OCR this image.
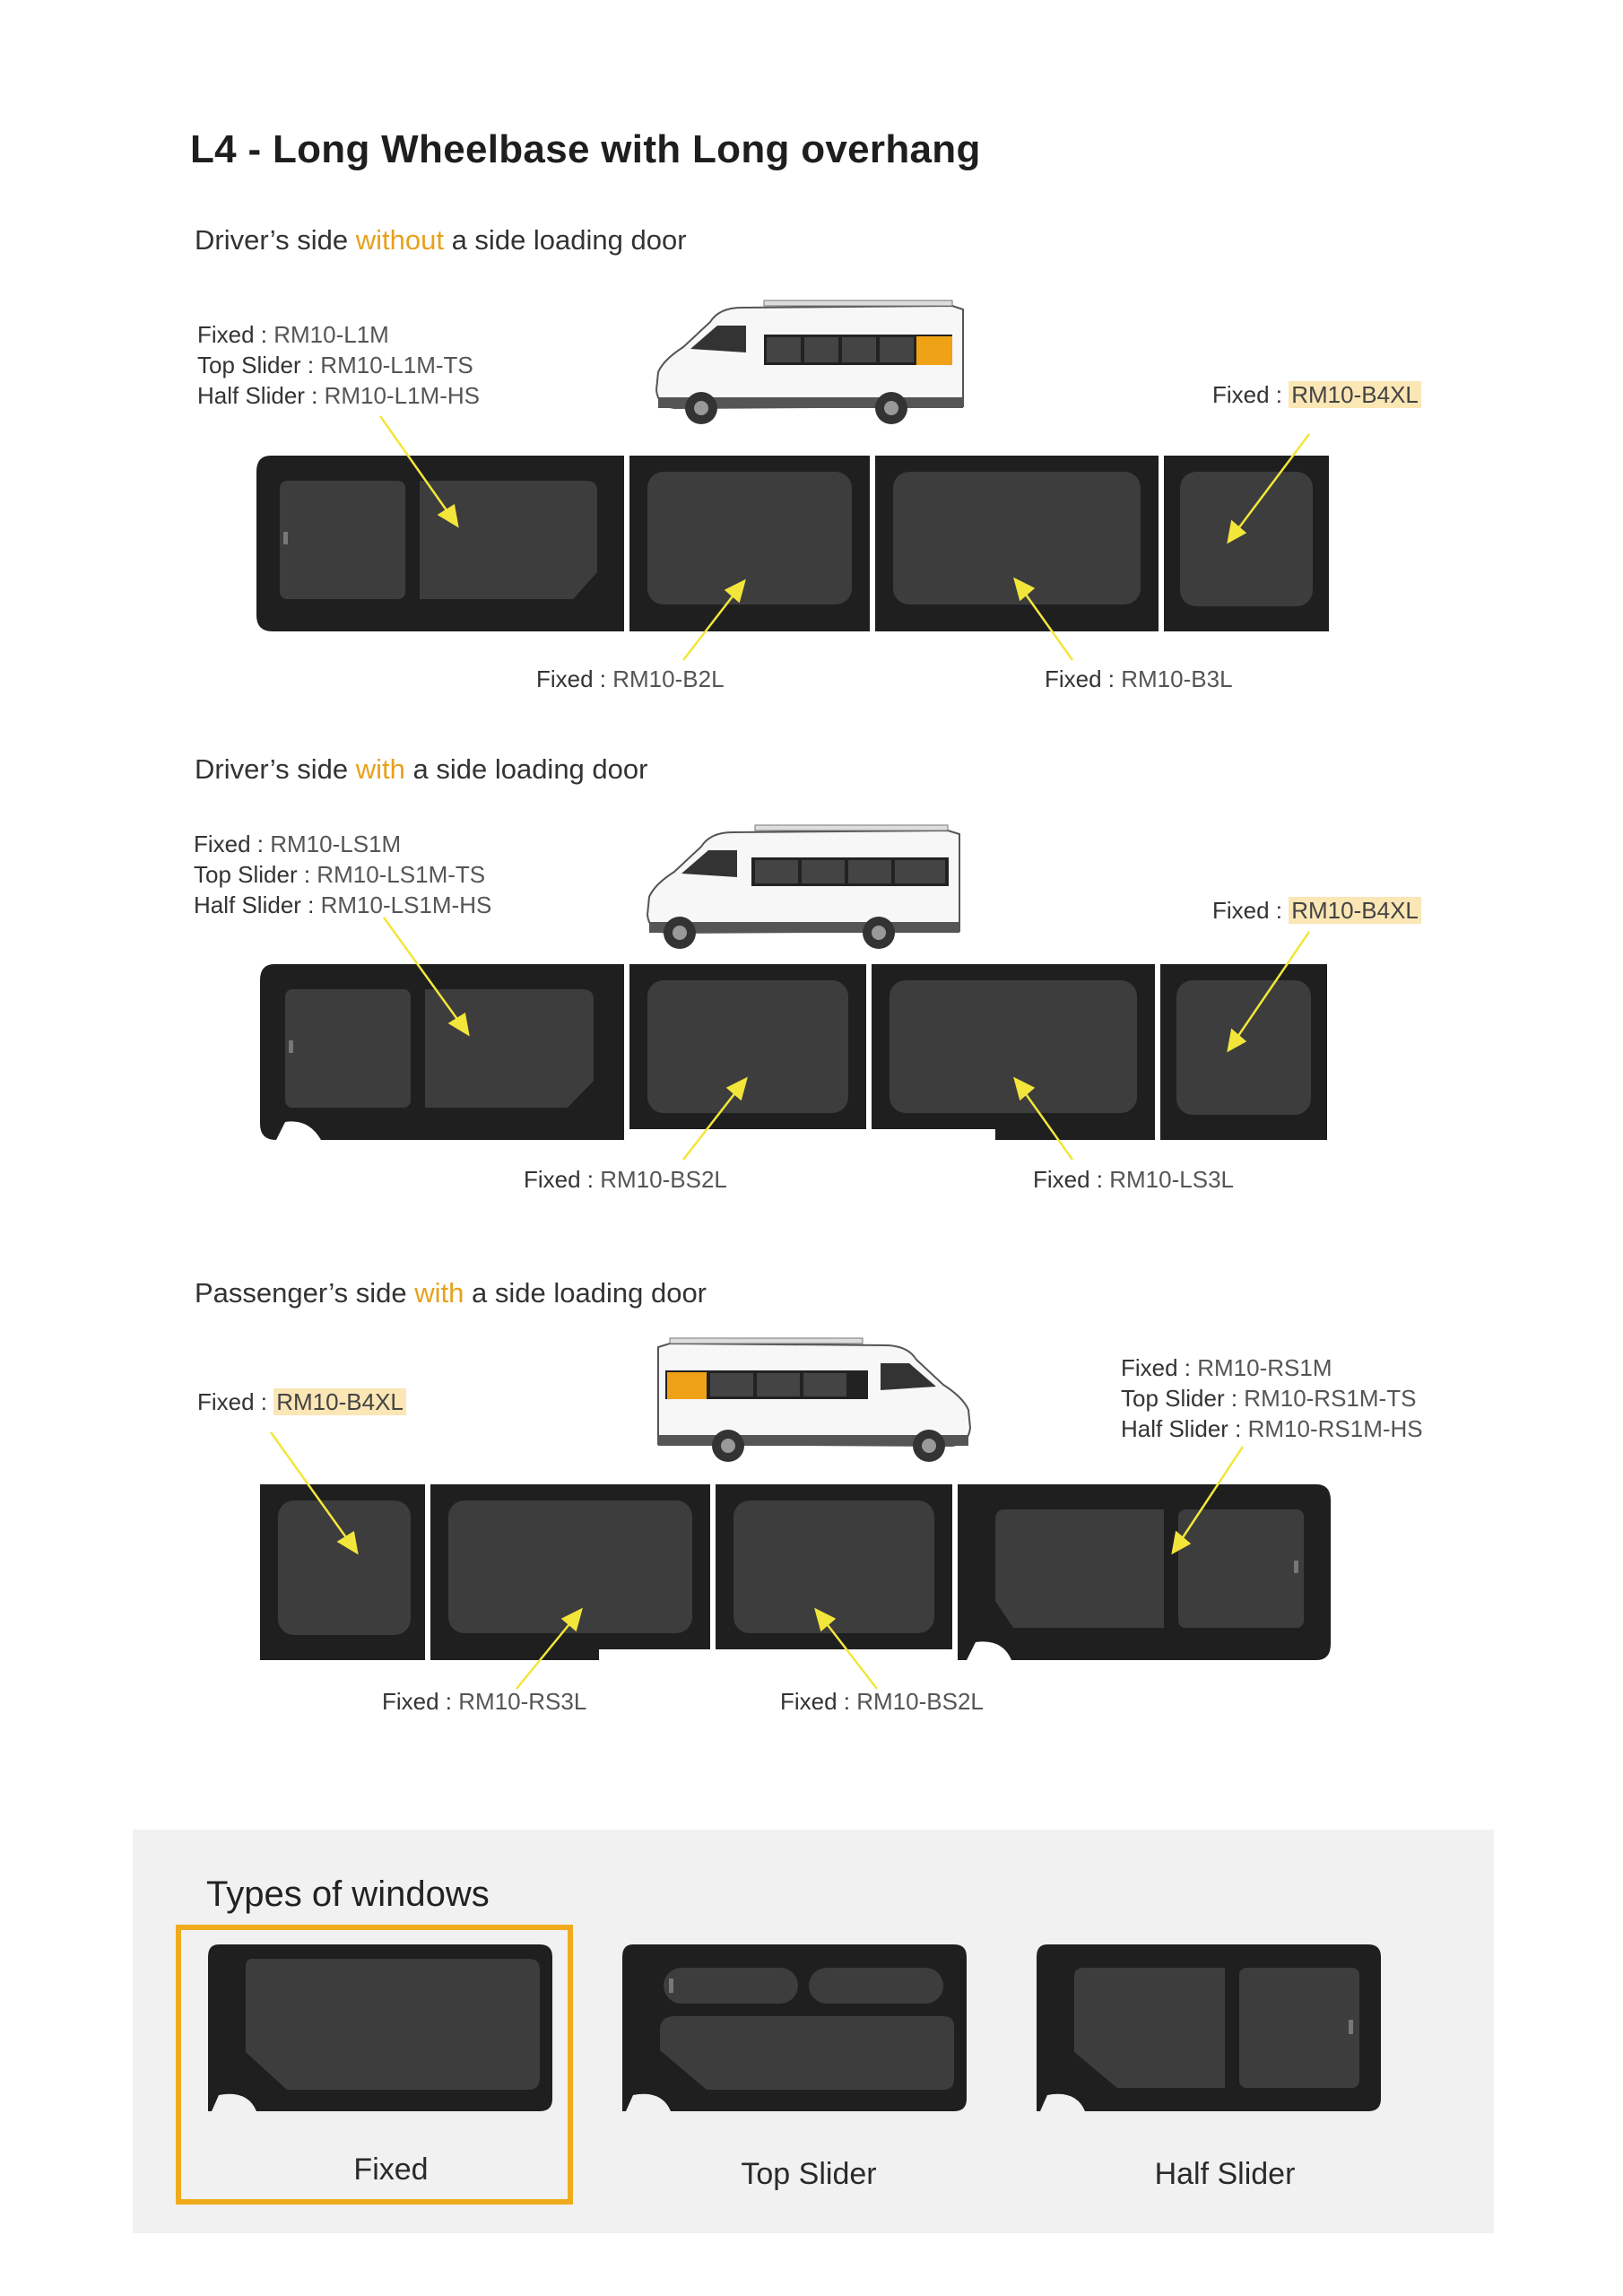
L4 - Long Wheelbase with Long overhang
Driver’s side without a side loading door
Fixed : RM10-L1M
Top Slider : RM10-L1M-TS
Half Slider : RM10-L1M-HS	Fixed : RM10-B4XL
Fixed : RM10-B2L	Fixed : RM10-B3L
Driver’s side with a side loading door
Fixed : RM10-LS1M
Top Slider : RM10-LS1M-TS
Half Slider : RM10-LS1M-HS	Fixed : RM10-B4XL
Fixed : RM10-BS2L	Fixed : RM10-LS3L
Passenger’s side with a side loading door
Fixed : RM10-B4XL
Fixed : RM10-RS1M
Top Slider : RM10-RS1M-TS
Half Slider : RM10-RS1M-HS
Fixed : RM10-RS3L	Fixed : RM10-BS2L
Types of windows
Fixed	Top Slider	Half Slider
